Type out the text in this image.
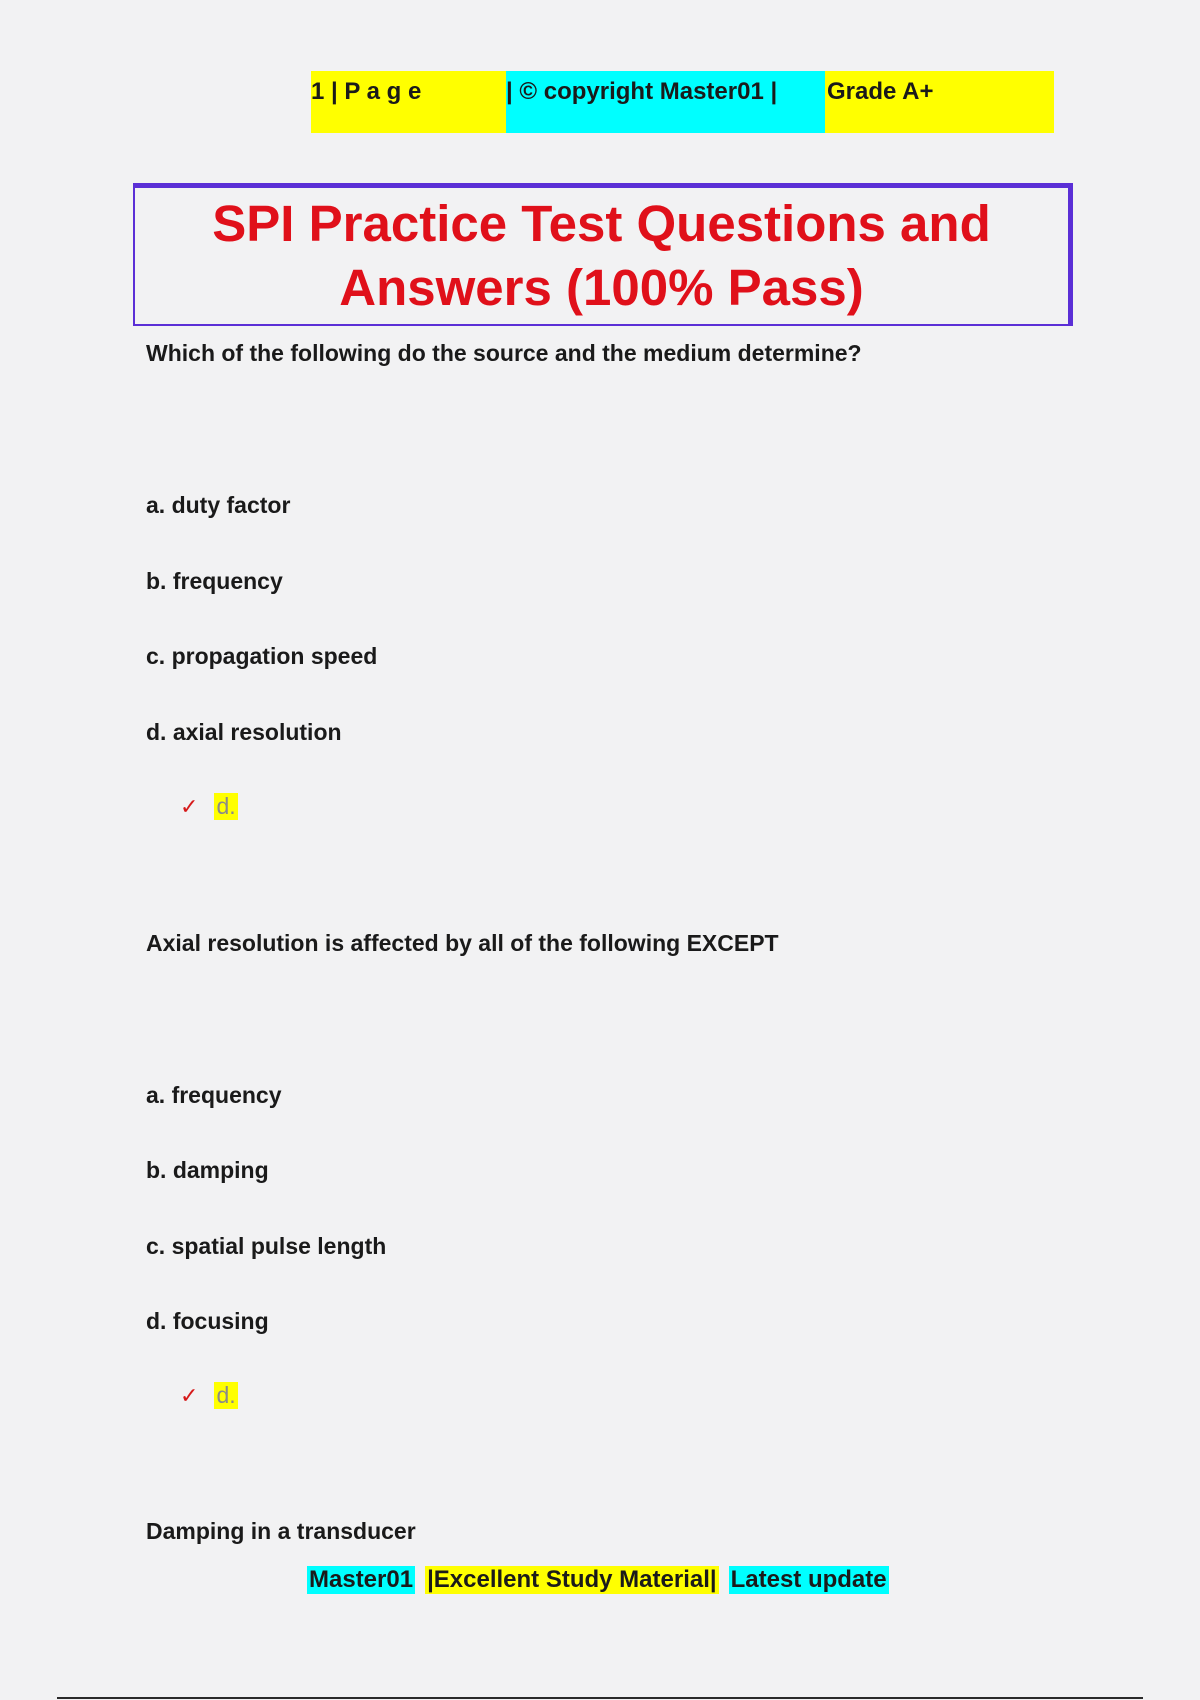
1 | P a g e	| © copyright Master01 |	Grade A+
SPI Practice Test Questions and Answers (100% Pass)
Which of the following do the source and the medium determine?
a. duty factor
b. frequency
c. propagation speed
d. axial resolution
✓ d.
Axial resolution is affected by all of the following EXCEPT
a. frequency
b. damping
c. spatial pulse length
d. focusing
✓ d.
Damping in a transducer
Master01 |Excellent Study Material| Latest update
